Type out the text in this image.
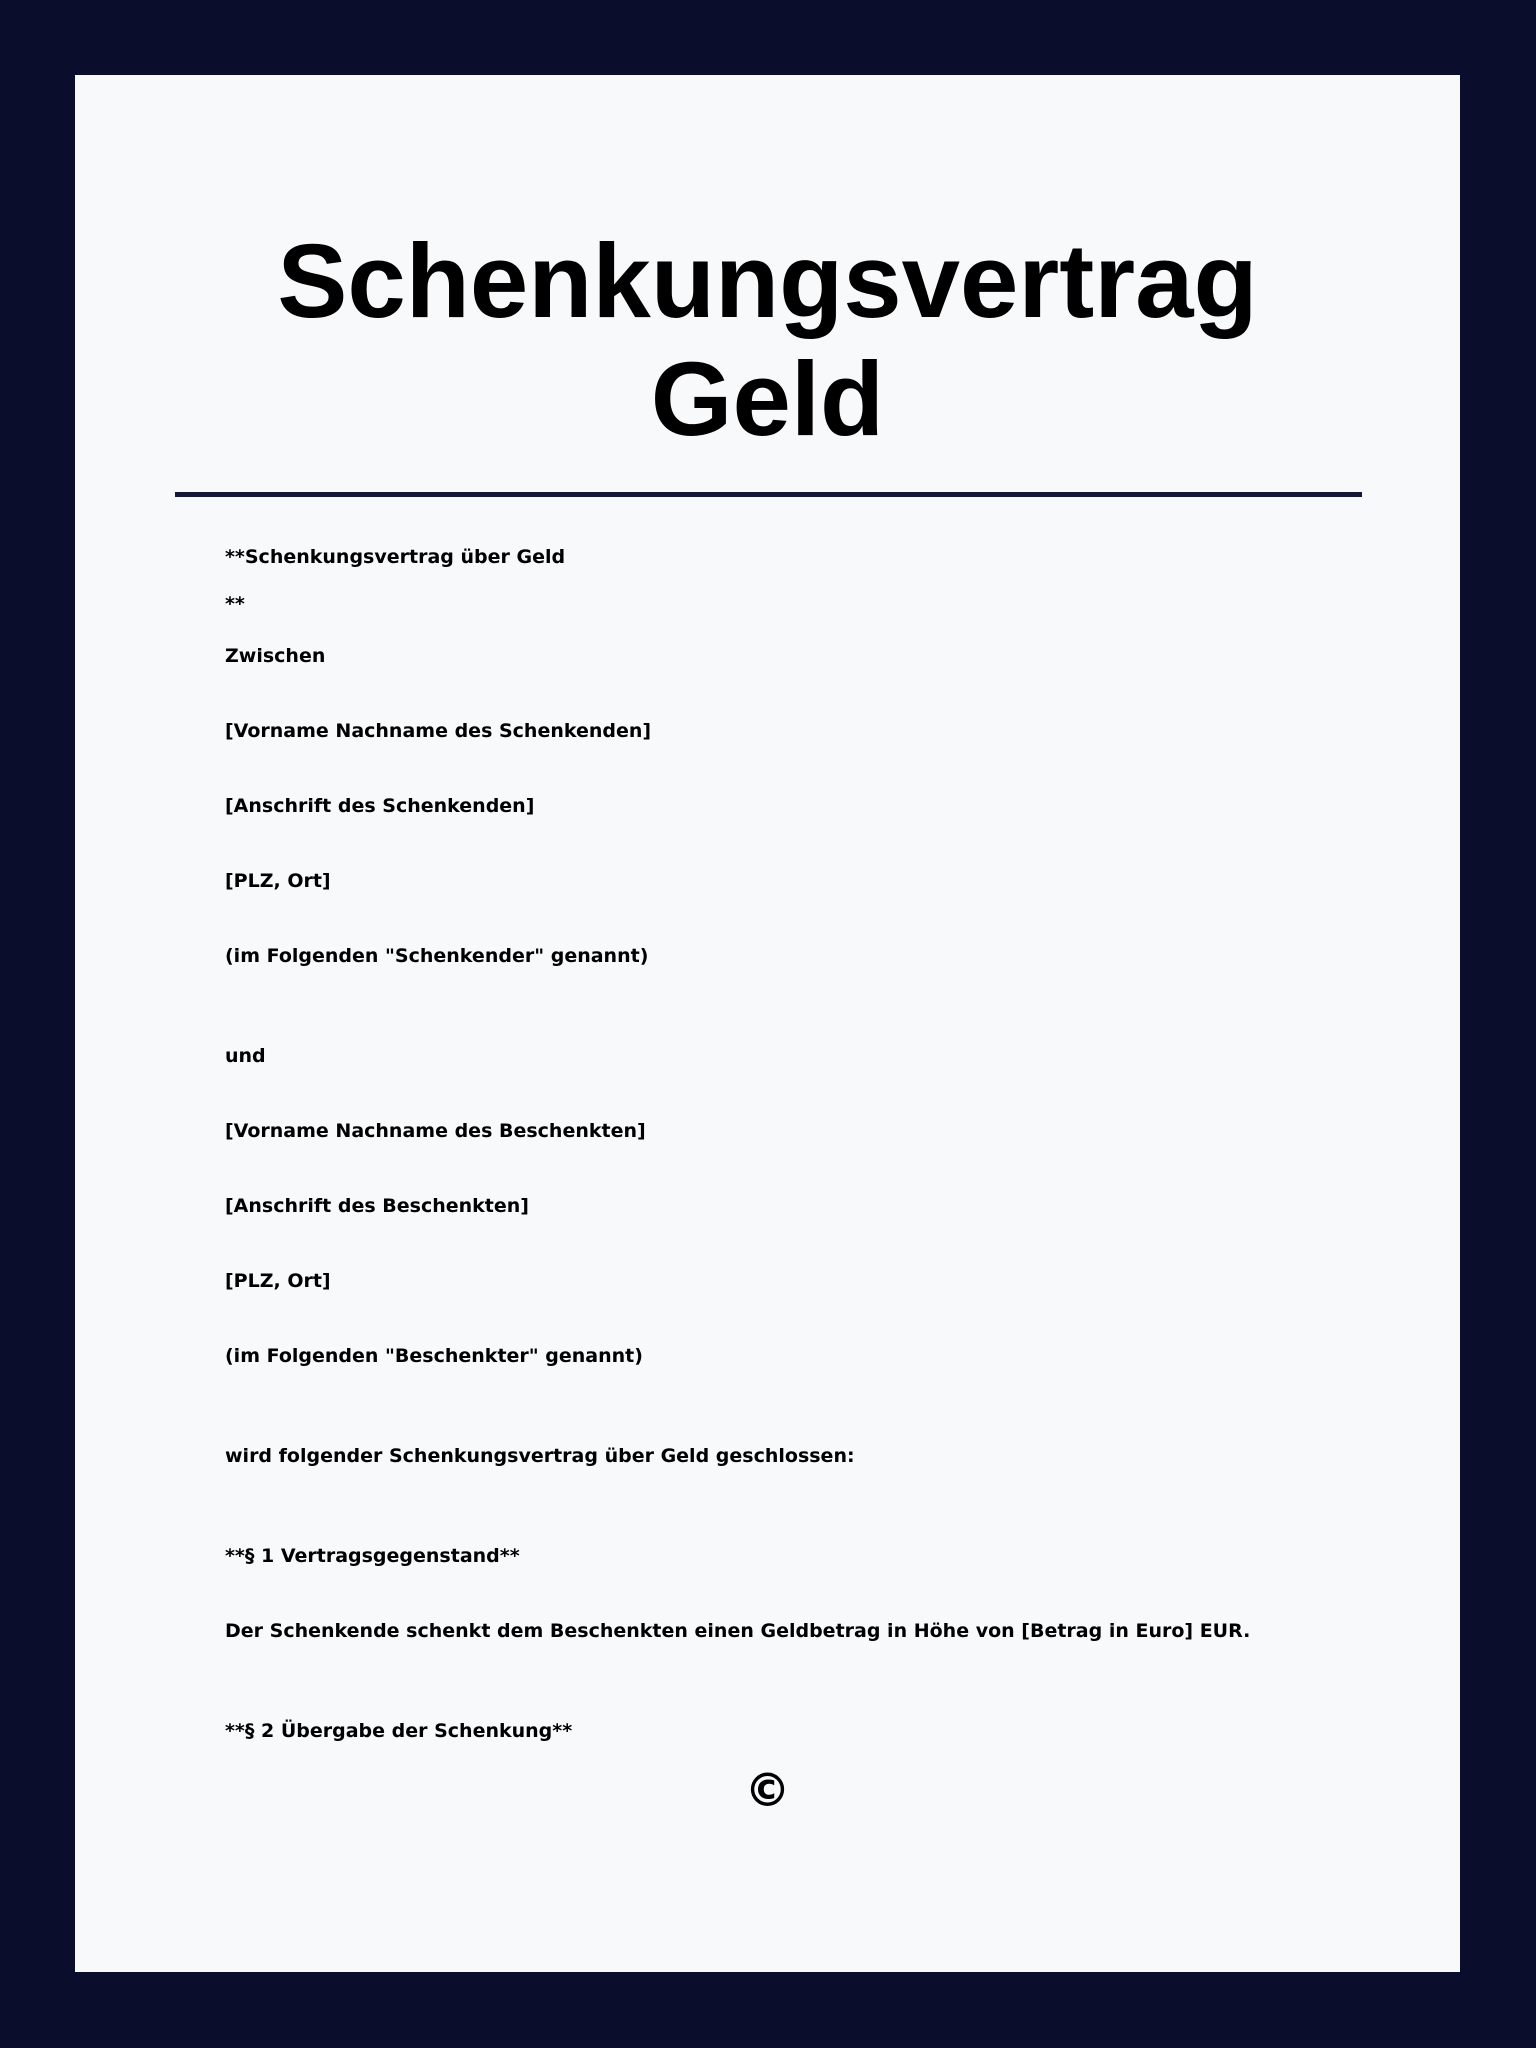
Schenkungsvertrag
Geld
**Schenkungsvertrag über Geld
**
Zwischen
[Vorname Nachname des Schenkenden]
[Anschrift des Schenkenden]
[PLZ, Ort]
(im Folgenden "Schenkender" genannt)
und
[Vorname Nachname des Beschenkten]
[Anschrift des Beschenkten]
[PLZ, Ort]
(im Folgenden "Beschenkter" genannt)
wird folgender Schenkungsvertrag über Geld geschlossen:
**§ 1 Vertragsgegenstand**
Der Schenkende schenkt dem Beschenkten einen Geldbetrag in Höhe von [Betrag in Euro] EUR.
**§ 2 Übergabe der Schenkung**
©
